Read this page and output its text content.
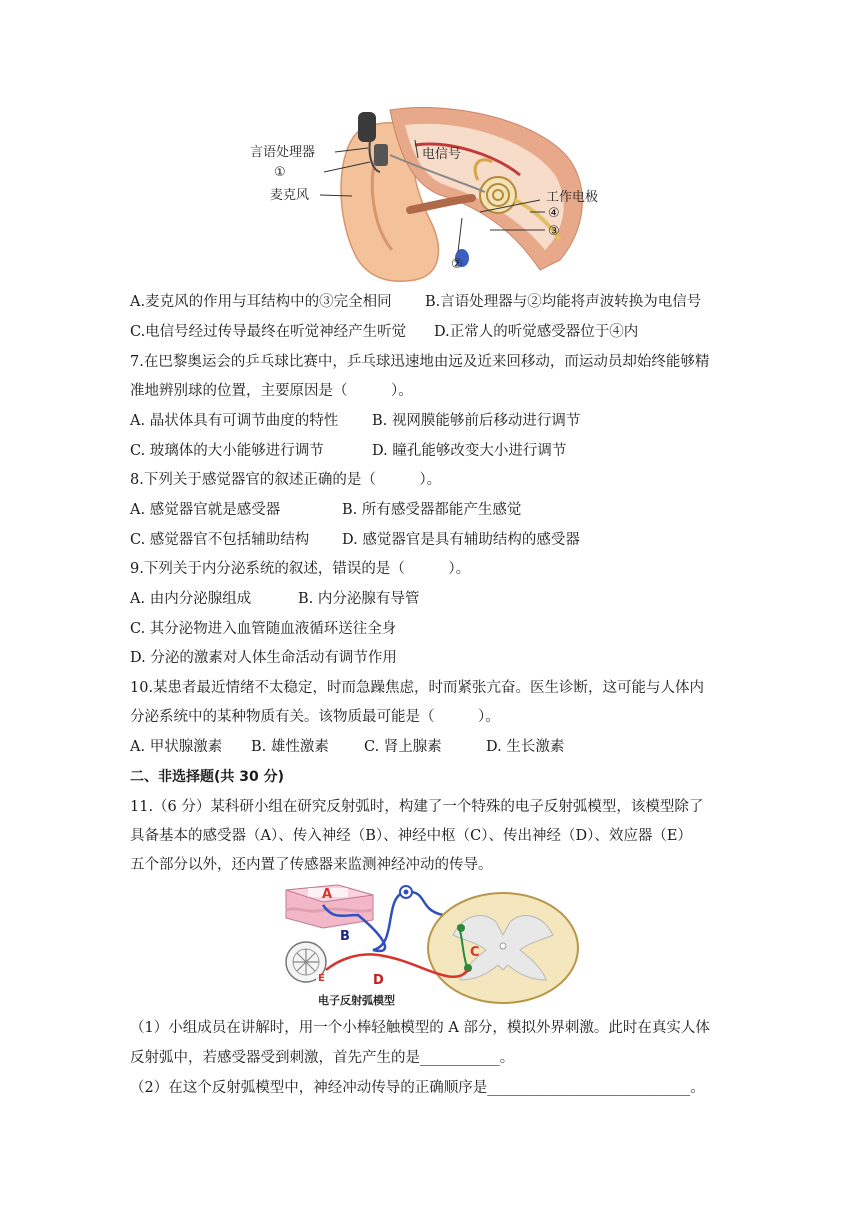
言语处理器
①
麦克风
电信号
工作电极
④
③
②
A.麦克风的作用与耳结构中的③完全相同 B.言语处理器与②均能将声波转换为电信号
C.电信号经过传导最终在听觉神经产生听觉 D.正常人的听觉感受器位于④内
7.在巴黎奥运会的乒乓球比赛中，乒乓球迅速地由远及近来回移动，而运动员却始终能够精
准地辨别球的位置，主要原因是（　　　）。
A. 晶状体具有可调节曲度的特性 B. 视网膜能够前后移动进行调节
C. 玻璃体的大小能够进行调节	D. 瞳孔能够改变大小进行调节
8.下列关于感觉器官的叙述正确的是（　　　）。
A. 感觉器官就是感受器	B. 所有感受器都能产生感觉
C. 感觉器官不包括辅助结构 D. 感觉器官是具有辅助结构的感受器
9.下列关于内分泌系统的叙述，错误的是（　　　）。
A. 由内分泌腺组成	B. 内分泌腺有导管
C. 其分泌物进入血管随血液循环送往全身
D. 分泌的激素对人体生命活动有调节作用
10.某患者最近情绪不太稳定，时而急躁焦虑，时而紧张亢奋。医生诊断，这可能与人体内
分泌系统中的某种物质有关。该物质最可能是（　　　）。
A. 甲状腺激素 B. 雄性激素 C. 肾上腺素	D. 生长激素
二、非选择题(共 30 分)
11.（6 分）某科研小组在研究反射弧时，构建了一个特殊的电子反射弧模型，该模型除了
具备基本的感受器（A）、传入神经（B）、神经中枢（C）、传出神经（D）、效应器（E）
五个部分以外，还内置了传感器来监测神经冲动的传导。
A
B
C
D
E
电子反射弧模型
（1）小组成员在讲解时，用一个小棒轻触模型的 A 部分，模拟外界刺激。此时在真实人体
反射弧中，若感受器受到刺激，首先产生的是___________。
（2）在这个反射弧模型中，神经冲动传导的正确顺序是____________________________。
